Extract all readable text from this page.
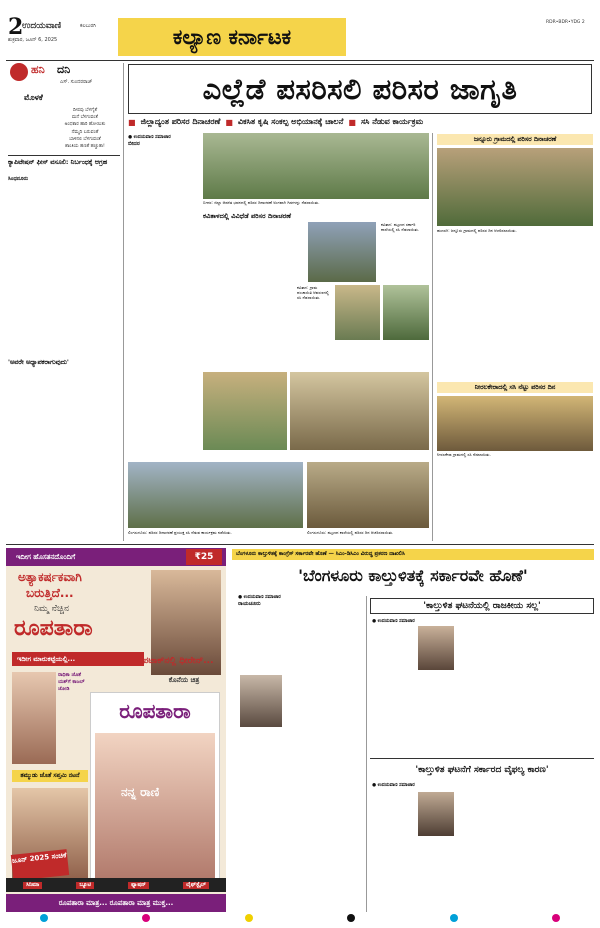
2
ಉದಯವಾಣಿ	ಕಲಬುರಗಿ
ಶುಕ್ರವಾರ, ಜೂನ್ 6, 2025	ಕಲ್ಯಾಣ ಕರ್ನಾಟಕ
RDR•BDR•YDG 2
ಹನಿ ದನಿ
ಎಸ್. ಸುಂದರರಾಜ್
ಮೊಳಕೆ
ದೀಪವು ಬೆಳಗೈತೆ
ಮನೆ ಬೆಳಗುವಂತೆ
ಅಂಧಕಾರ ಹಾರಿ ಹೋಯಿತು
ನೆಮ್ಮದಿ ಬರುವಂತೆ
ಬಾಳಿನಲಿ ಬೆಳಗುವಂತೆ
ಶಾಂತಿಯ ಹಣತೆ ಹಚ್ಚುತಾ!
ಕ್ಯಾಪಿಟೇಷನ್ ಫೀಸ್ ವಸೂಲಿ: ನಿರ್ಬಂಧಕ್ಕೆ ಆಗ್ರಹ
ಸಿಂಧನೂರು
'ಅವರೇ ಅಧ್ಯಾಪಕರಾಗುವುದು'
ಎಲ್ಲೆಡೆ ಪಸರಿಸಲಿ ಪರಿಸರ ಜಾಗೃತಿ
■ ಜಿಲ್ಲಾದ್ಯಂತ ಪರಿಸರ ದಿನಾಚರಣೆ ■ ವಿಕಸಿತ ಕೃಷಿ ಸಂಕಲ್ಪ ಅಭಿಯಾನಕ್ಕೆ ಚಾಲನೆ ■ ಸಸಿ ನೆಡುವ ಕಾರ್ಯಕ್ರಮ
● ಉದಯವಾಣಿ ಸಮಾಚಾರ
ಬೀದರ
ಬೀದರ: ಜಿಲ್ಲಾ ಆಡಳಿತ ಭವನದಲ್ಲಿ ಪರಿಸರ ದಿನಾಚರಣೆ ಅಂಗವಾಗಿ ಗಿಡಗಳನ್ನು ನೆಡಲಾಯಿತು.
ಕವಿತಾಳದಲ್ಲಿ ವಿವಿಧೆಡೆ ಪರಿಸರ ದಿನಾಚರಣೆ
ಕವಿತಾಳ: ಪಟ್ಟಣದ ಸರ್ಕಾರಿ ಶಾಲೆಯಲ್ಲಿ ಸಸಿ ನೆಡಲಾಯಿತು.
ಕವಿತಾಳ: ಗ್ರಾಮ ಪಂಚಾಯಿತಿ ಆವರಣದಲ್ಲಿ ಸಸಿ ನೆಡಲಾಯಿತು.
ಲಿಂಗಸುಗೂರು: ಪರಿಸರ ದಿನಾಚರಣೆ ಪ್ರಯುಕ್ತ ಸಸಿ ನೆಡುವ ಕಾರ್ಯಕ್ರಮ ನಡೆಯಿತು.	ಲಿಂಗಸುಗೂರು: ಪಟ್ಟಣದ ಶಾಲೆಯಲ್ಲಿ ಪರಿಸರ ದಿನ ಆಚರಿಸಲಾಯಿತು.
ಜನ್ನೂರು ಗ್ರಾಮದಲ್ಲಿ ಪರಿಸರ ದಿನಾಚರಣೆ
ಹುಣಸಗಿ: ಜನ್ನೂರು ಗ್ರಾಮದಲ್ಲಿ ಪರಿಸರ ದಿನ ಆಚರಿಸಲಾಯಿತು.
ನೀರಲಕೇರಾದಲ್ಲಿ ಸಸಿ ನೆಟ್ಟು ಪರಿಸರ ದಿನ
ನೀರಲಕೇರಾ ಗ್ರಾಮದಲ್ಲಿ ಸಸಿ ನೆಡಲಾಯಿತು.
ಇದೀಗ ಹೊಸತನದೊಂದಿಗೆ	₹25
ಅತ್ಯಾಕರ್ಷಕವಾಗಿ
ಬರುತ್ತಿದೆ...
ನಿಮ್ಮ ನೆಚ್ಚಿನ
ರೂಪತಾರಾ
ಇದೀಗ ಮಾರುಕಟ್ಟೆಯಲ್ಲಿ...	ಪಟಾಕ್‌ನಲ್ಲಿ ಧೀರೇನ್...
ಕೊನೆಯ ಚಿತ್ರ
ರಾಧಿಕಾ ಜೊತೆ ಯಶ್‌ಗೆ ಕಾಜಲ್ ಜೋಡಿ
ರೂಪತಾರಾ
ನನ್ನ ರಾಣಿ
ತಮ್ಮುಡು ಜೊತೆ ಸಪ್ತಮಿ ನಟನೆ
ಜೂನ್ 2025 ಸಂಚಿಕೆ
ಸಿನಿಮಾ	ಬ್ಯೂಟಿ	ಫ್ಯಾಷನ್	ಲೈಫ್‌ಸ್ಟೈಲ್
ರೂಪತಾರಾ ಮಾತ್ರ... ರೂಪತಾರಾ ಮಾತ್ರ ಮುಕ್ತ...
ಬೆಂಗಳೂರು ಕಾಲ್ತುಳಿತಕ್ಕೆ ಕಾಂಗ್ರೆಸ್ ಸರ್ಕಾರವೇ ಹೊಣೆ — ಸಿಎಂ-ಡಿಸಿಎಂ ವಿರುದ್ಧ ಪ್ರಕರಣ ದಾಖಲಿಸಿ
'ಬೆಂಗಳೂರು ಕಾಲ್ತುಳಿತಕ್ಕೆ ಸರ್ಕಾರವೇ ಹೊಣೆ'
● ಉದಯವಾಣಿ ಸಮಾಚಾರ
ರಾಯಚೂರು	'ಕಾಲ್ತುಳಿತ ಘಟನೆಯಲ್ಲಿ ರಾಜಕೀಯ ಸಲ್ಲ'
● ಉದಯವಾಣಿ ಸಮಾಚಾರ
'ಕಾಲ್ತುಳಿತ ಘಟನೆಗೆ ಸರ್ಕಾರದ ವೈಫಲ್ಯ ಕಾರಣ'
● ಉದಯವಾಣಿ ಸಮಾಚಾರ
